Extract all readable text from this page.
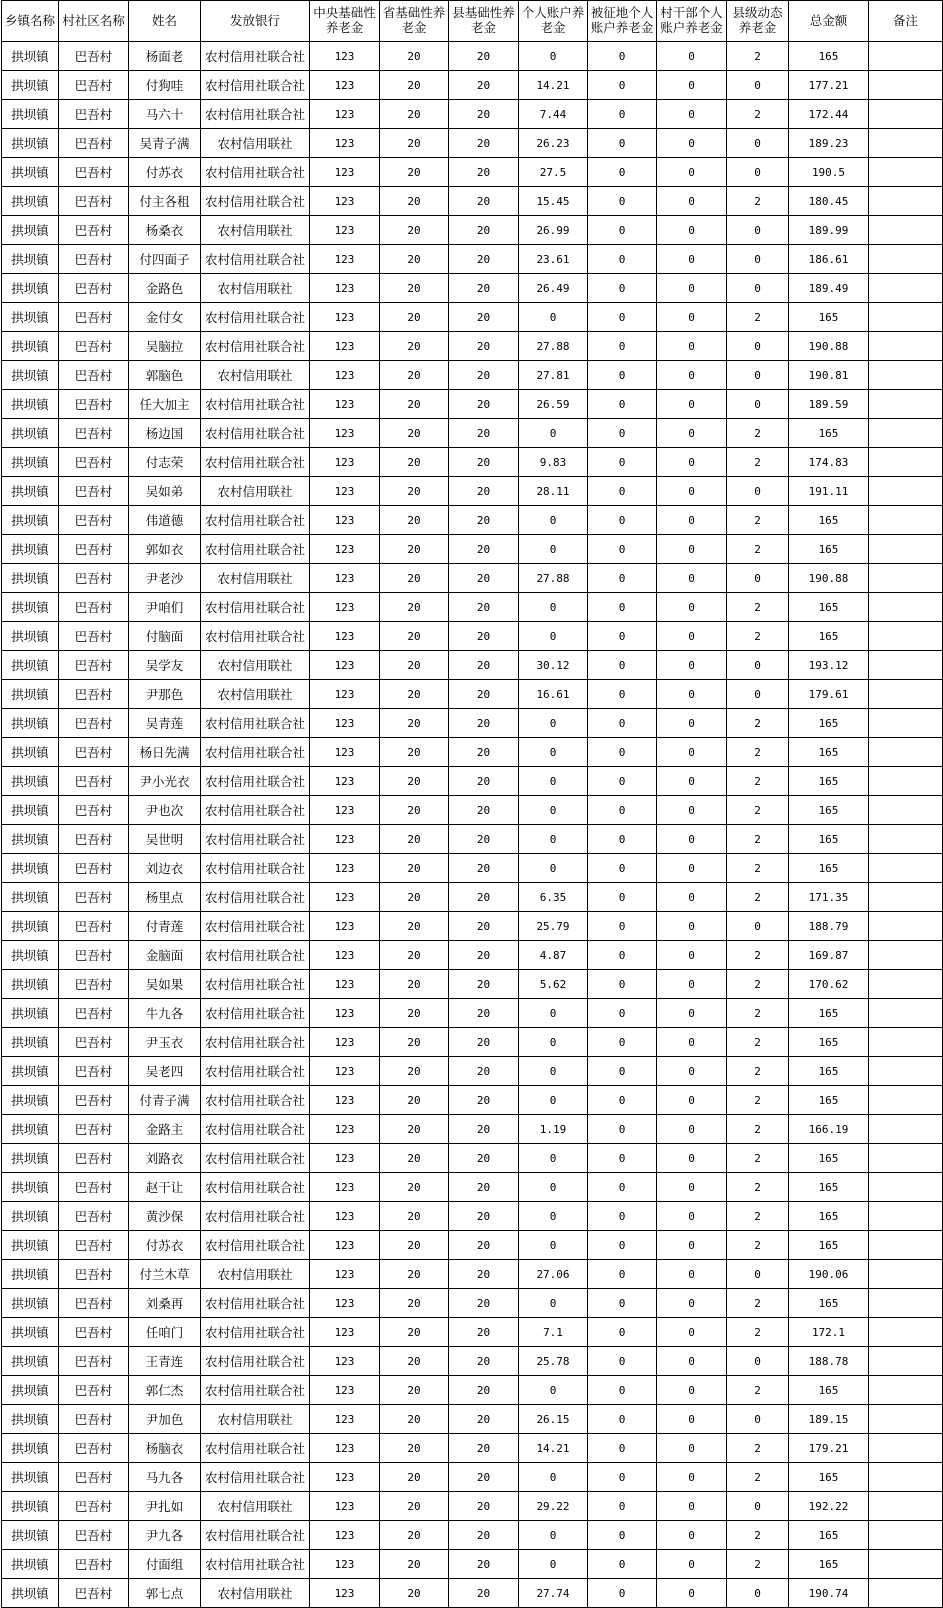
乡镇名称	村社区名称	姓名	发放银行	中央基础性养老金	省基础性养老金	县基础性养老金	个人账户养老金	被征地个人账户养老金	村干部个人账户养老金	县级动态养老金	总金额	备注
拱坝镇	巴吾村	杨面老	农村信用社联合社	123	20	20	0	0	0	2	165	
拱坝镇	巴吾村	付狗哇	农村信用社联合社	123	20	20	14.21	0	0	0	177.21	
拱坝镇	巴吾村	马六十	农村信用社联合社	123	20	20	7.44	0	0	2	172.44	
拱坝镇	巴吾村	吴青子满	农村信用联社	123	20	20	26.23	0	0	0	189.23	
拱坝镇	巴吾村	付苏衣	农村信用社联合社	123	20	20	27.5	0	0	0	190.5	
拱坝镇	巴吾村	付主各租	农村信用社联合社	123	20	20	15.45	0	0	2	180.45	
拱坝镇	巴吾村	杨桑衣	农村信用联社	123	20	20	26.99	0	0	0	189.99	
拱坝镇	巴吾村	付四面子	农村信用社联合社	123	20	20	23.61	0	0	0	186.61	
拱坝镇	巴吾村	金路色	农村信用联社	123	20	20	26.49	0	0	0	189.49	
拱坝镇	巴吾村	金付女	农村信用社联合社	123	20	20	0	0	0	2	165	
拱坝镇	巴吾村	吴脑拉	农村信用社联合社	123	20	20	27.88	0	0	0	190.88	
拱坝镇	巴吾村	郭脑色	农村信用联社	123	20	20	27.81	0	0	0	190.81	
拱坝镇	巴吾村	任大加主	农村信用社联合社	123	20	20	26.59	0	0	0	189.59	
拱坝镇	巴吾村	杨边国	农村信用社联合社	123	20	20	0	0	0	2	165	
拱坝镇	巴吾村	付志荣	农村信用社联合社	123	20	20	9.83	0	0	2	174.83	
拱坝镇	巴吾村	吴如弟	农村信用联社	123	20	20	28.11	0	0	0	191.11	
拱坝镇	巴吾村	伟道德	农村信用社联合社	123	20	20	0	0	0	2	165	
拱坝镇	巴吾村	郭如衣	农村信用社联合社	123	20	20	0	0	0	2	165	
拱坝镇	巴吾村	尹老沙	农村信用联社	123	20	20	27.88	0	0	0	190.88	
拱坝镇	巴吾村	尹咱们	农村信用社联合社	123	20	20	0	0	0	2	165	
拱坝镇	巴吾村	付脑面	农村信用社联合社	123	20	20	0	0	0	2	165	
拱坝镇	巴吾村	吴学友	农村信用联社	123	20	20	30.12	0	0	0	193.12	
拱坝镇	巴吾村	尹那色	农村信用联社	123	20	20	16.61	0	0	0	179.61	
拱坝镇	巴吾村	吴青莲	农村信用社联合社	123	20	20	0	0	0	2	165	
拱坝镇	巴吾村	杨日先满	农村信用社联合社	123	20	20	0	0	0	2	165	
拱坝镇	巴吾村	尹小光衣	农村信用社联合社	123	20	20	0	0	0	2	165	
拱坝镇	巴吾村	尹也次	农村信用社联合社	123	20	20	0	0	0	2	165	
拱坝镇	巴吾村	吴世明	农村信用社联合社	123	20	20	0	0	0	2	165	
拱坝镇	巴吾村	刘边衣	农村信用社联合社	123	20	20	0	0	0	2	165	
拱坝镇	巴吾村	杨里点	农村信用社联合社	123	20	20	6.35	0	0	2	171.35	
拱坝镇	巴吾村	付青莲	农村信用社联合社	123	20	20	25.79	0	0	0	188.79	
拱坝镇	巴吾村	金脑面	农村信用社联合社	123	20	20	4.87	0	0	2	169.87	
拱坝镇	巴吾村	吴如果	农村信用社联合社	123	20	20	5.62	0	0	2	170.62	
拱坝镇	巴吾村	牛九各	农村信用社联合社	123	20	20	0	0	0	2	165	
拱坝镇	巴吾村	尹玉衣	农村信用社联合社	123	20	20	0	0	0	2	165	
拱坝镇	巴吾村	吴老四	农村信用社联合社	123	20	20	0	0	0	2	165	
拱坝镇	巴吾村	付青子满	农村信用社联合社	123	20	20	0	0	0	2	165	
拱坝镇	巴吾村	金路主	农村信用社联合社	123	20	20	1.19	0	0	2	166.19	
拱坝镇	巴吾村	刘路衣	农村信用社联合社	123	20	20	0	0	0	2	165	
拱坝镇	巴吾村	赵干让	农村信用社联合社	123	20	20	0	0	0	2	165	
拱坝镇	巴吾村	黄沙保	农村信用社联合社	123	20	20	0	0	0	2	165	
拱坝镇	巴吾村	付苏衣	农村信用社联合社	123	20	20	0	0	0	2	165	
拱坝镇	巴吾村	付兰木草	农村信用联社	123	20	20	27.06	0	0	0	190.06	
拱坝镇	巴吾村	刘桑再	农村信用社联合社	123	20	20	0	0	0	2	165	
拱坝镇	巴吾村	任咱门	农村信用社联合社	123	20	20	7.1	0	0	2	172.1	
拱坝镇	巴吾村	王青连	农村信用社联合社	123	20	20	25.78	0	0	0	188.78	
拱坝镇	巴吾村	郭仁杰	农村信用社联合社	123	20	20	0	0	0	2	165	
拱坝镇	巴吾村	尹加色	农村信用联社	123	20	20	26.15	0	0	0	189.15	
拱坝镇	巴吾村	杨脑衣	农村信用社联合社	123	20	20	14.21	0	0	2	179.21	
拱坝镇	巴吾村	马九各	农村信用社联合社	123	20	20	0	0	0	2	165	
拱坝镇	巴吾村	尹扎如	农村信用联社	123	20	20	29.22	0	0	0	192.22	
拱坝镇	巴吾村	尹九各	农村信用社联合社	123	20	20	0	0	0	2	165	
拱坝镇	巴吾村	付面组	农村信用社联合社	123	20	20	0	0	0	2	165	
拱坝镇	巴吾村	郭七点	农村信用联社	123	20	20	27.74	0	0	0	190.74	
